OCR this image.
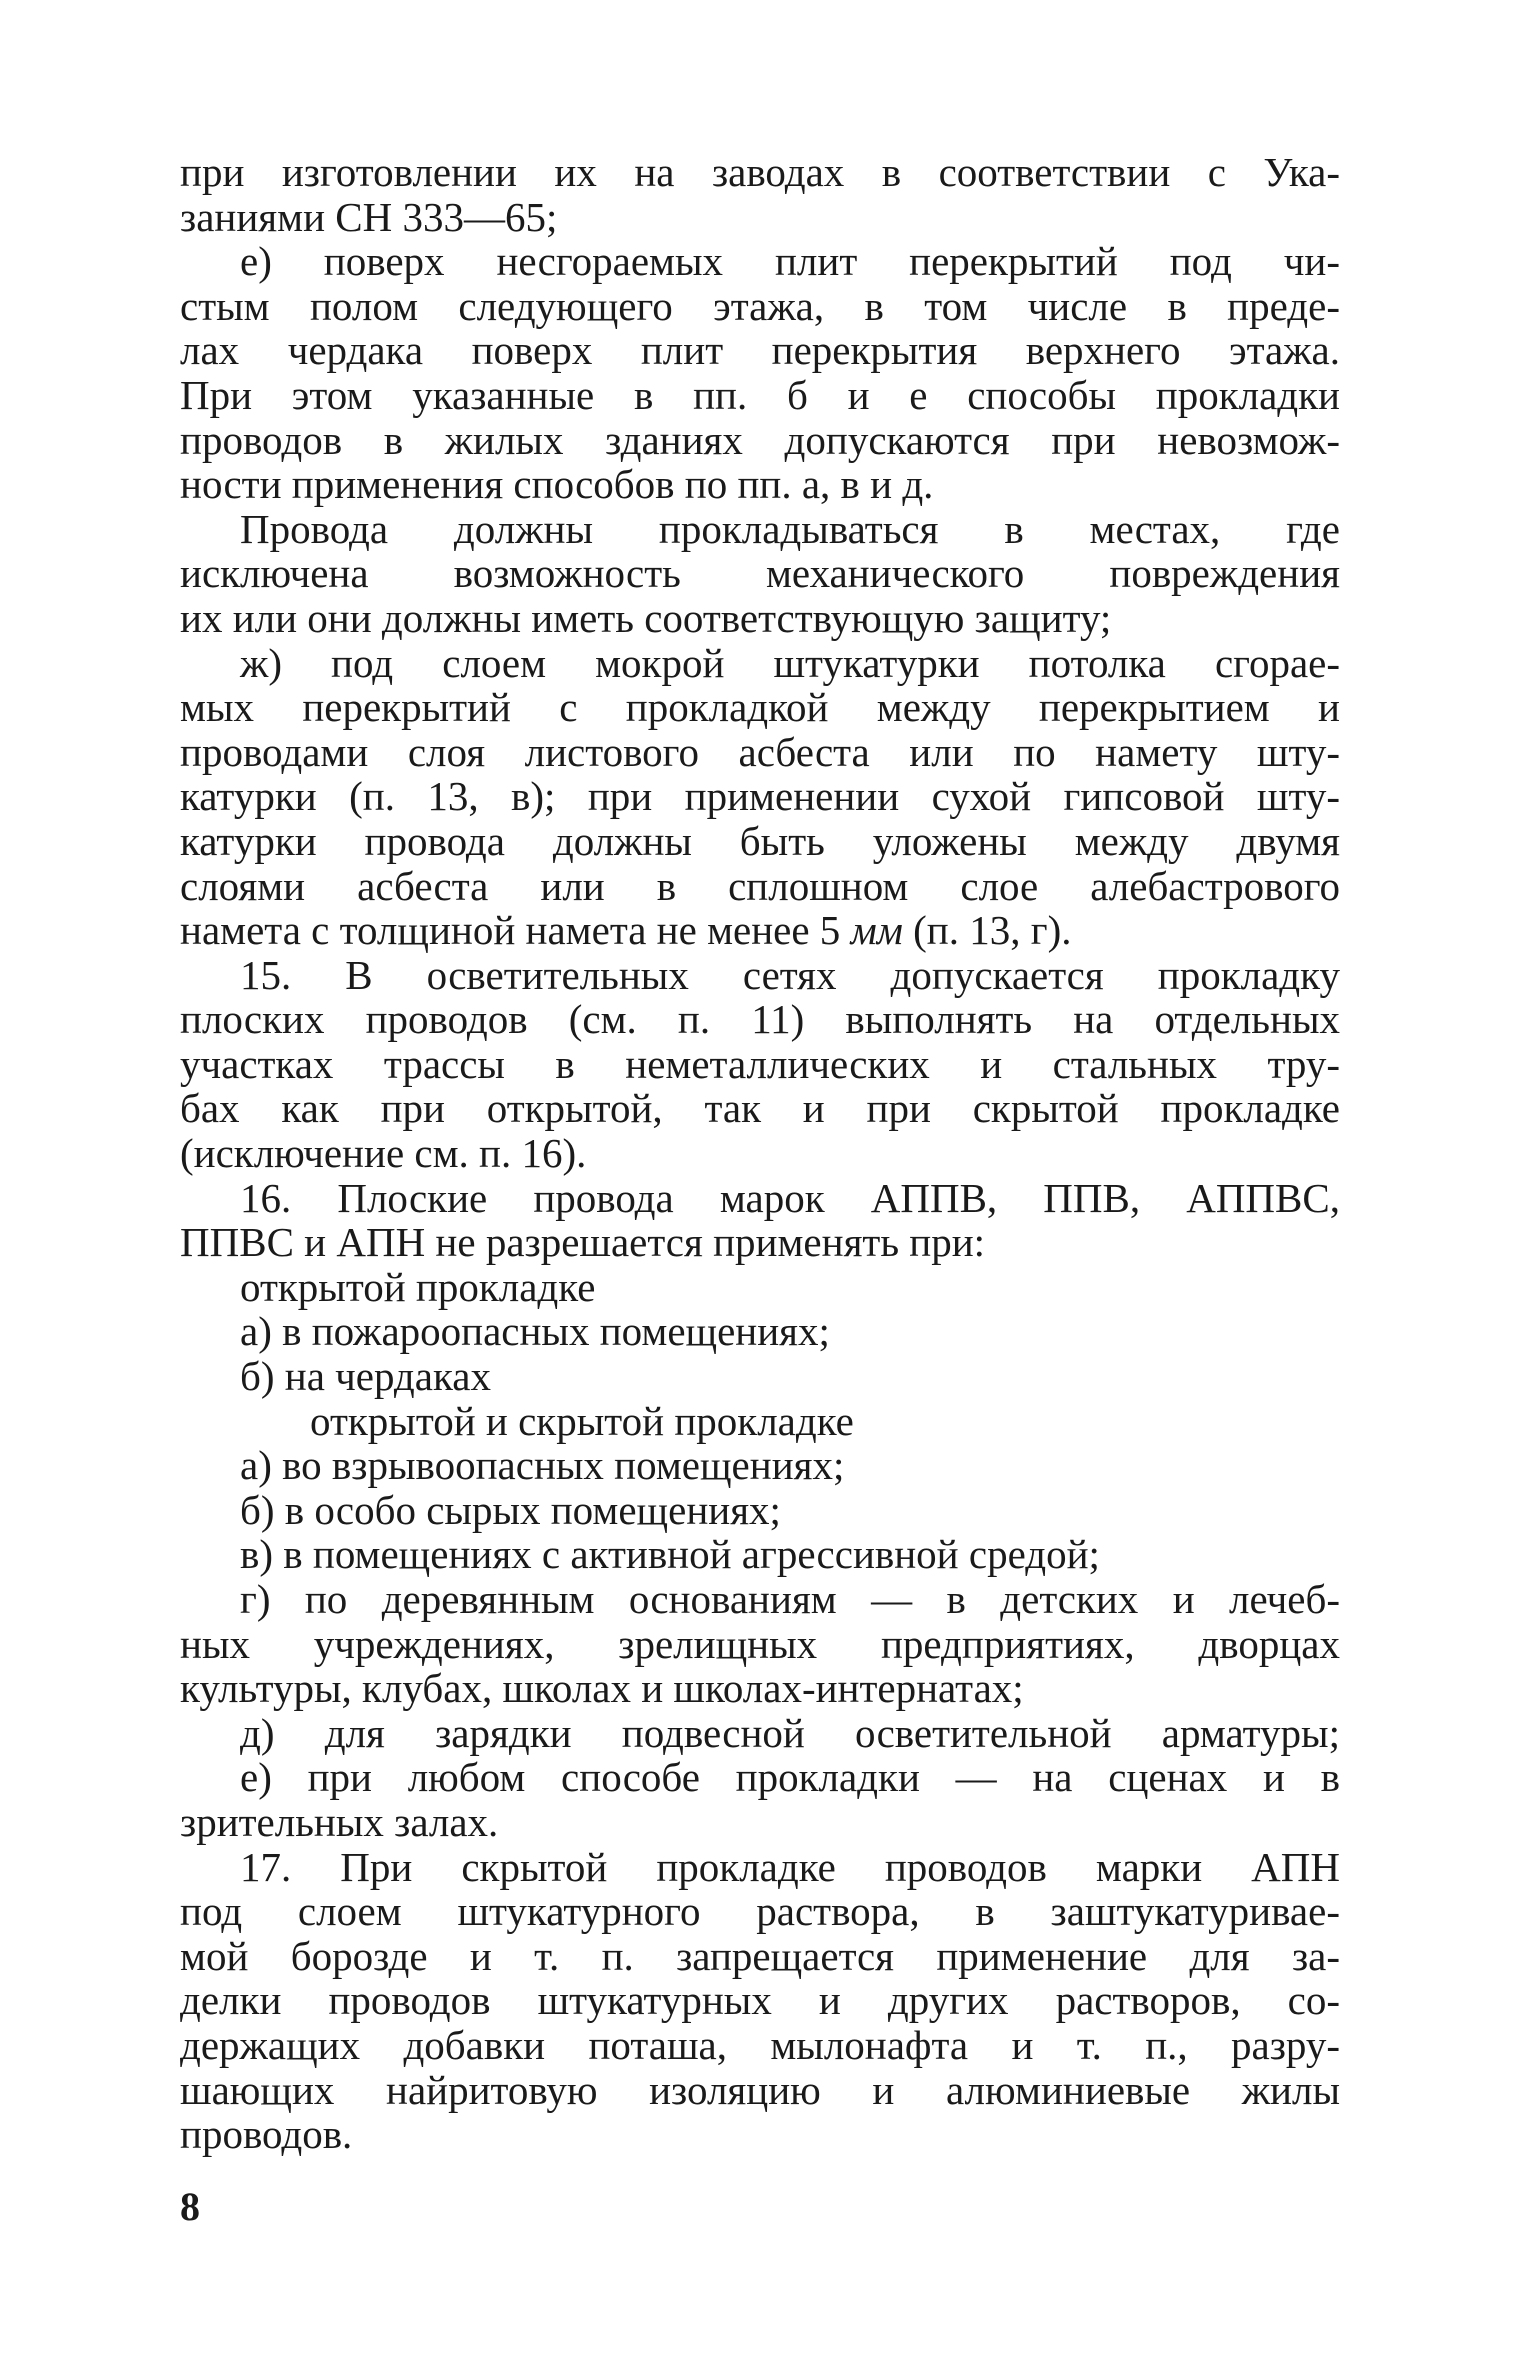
при изготовлении их на заводах в соответствии с Ука-
заниями СН 333—65;
е) поверх несгораемых плит перекрытий под чи-
стым полом следующего этажа, в том числе в преде-
лах чердака поверх плит перекрытия верхнего этажа.
При этом указанные в пп. б и е способы прокладки
проводов в жилых зданиях допускаются при невозмож-
ности применения способов по пп. а, в и д.
Провода должны прокладываться в местах, где
исключена возможность механического повреждения
их или они должны иметь соответствующую защиту;
ж) под слоем мокрой штукатурки потолка сгорае-
мых перекрытий с прокладкой между перекрытием и
проводами слоя листового асбеста или по намету шту-
катурки (п. 13, в); при применении сухой гипсовой шту-
катурки провода должны быть уложены между двумя
слоями асбеста или в сплошном слое алебастрового
намета с толщиной намета не менее 5 мм (п. 13, г).
15. В осветительных сетях допускается прокладку
плоских проводов (см. п. 11) выполнять на отдельных
участках трассы в неметаллических и стальных тру-
бах как при открытой, так и при скрытой прокладке
(исключение см. п. 16).
16. Плоские провода марок АППВ, ППВ, АППВС,
ППВС и АПН не разрешается применять при:
открытой прокладке
а) в пожароопасных помещениях;
б) на чердаках
открытой и скрытой прокладке
а) во взрывоопасных помещениях;
б) в особо сырых помещениях;
в) в помещениях с активной агрессивной средой;
г) по деревянным основаниям — в детских и лечеб-
ных учреждениях, зрелищных предприятиях, дворцах
культуры, клубах, школах и школах-интернатах;
д) для зарядки подвесной осветительной арматуры;
е) при любом способе прокладки — на сценах и в
зрительных залах.
17. При скрытой прокладке проводов марки АПН
под слоем штукатурного раствора, в заштукатуривае-
мой борозде и т. п. запрещается применение для за-
делки проводов штукатурных и других растворов, со-
держащих добавки поташа, мылонафта и т. п., разру-
шающих найритовую изоляцию и алюминиевые жилы
проводов.
8
